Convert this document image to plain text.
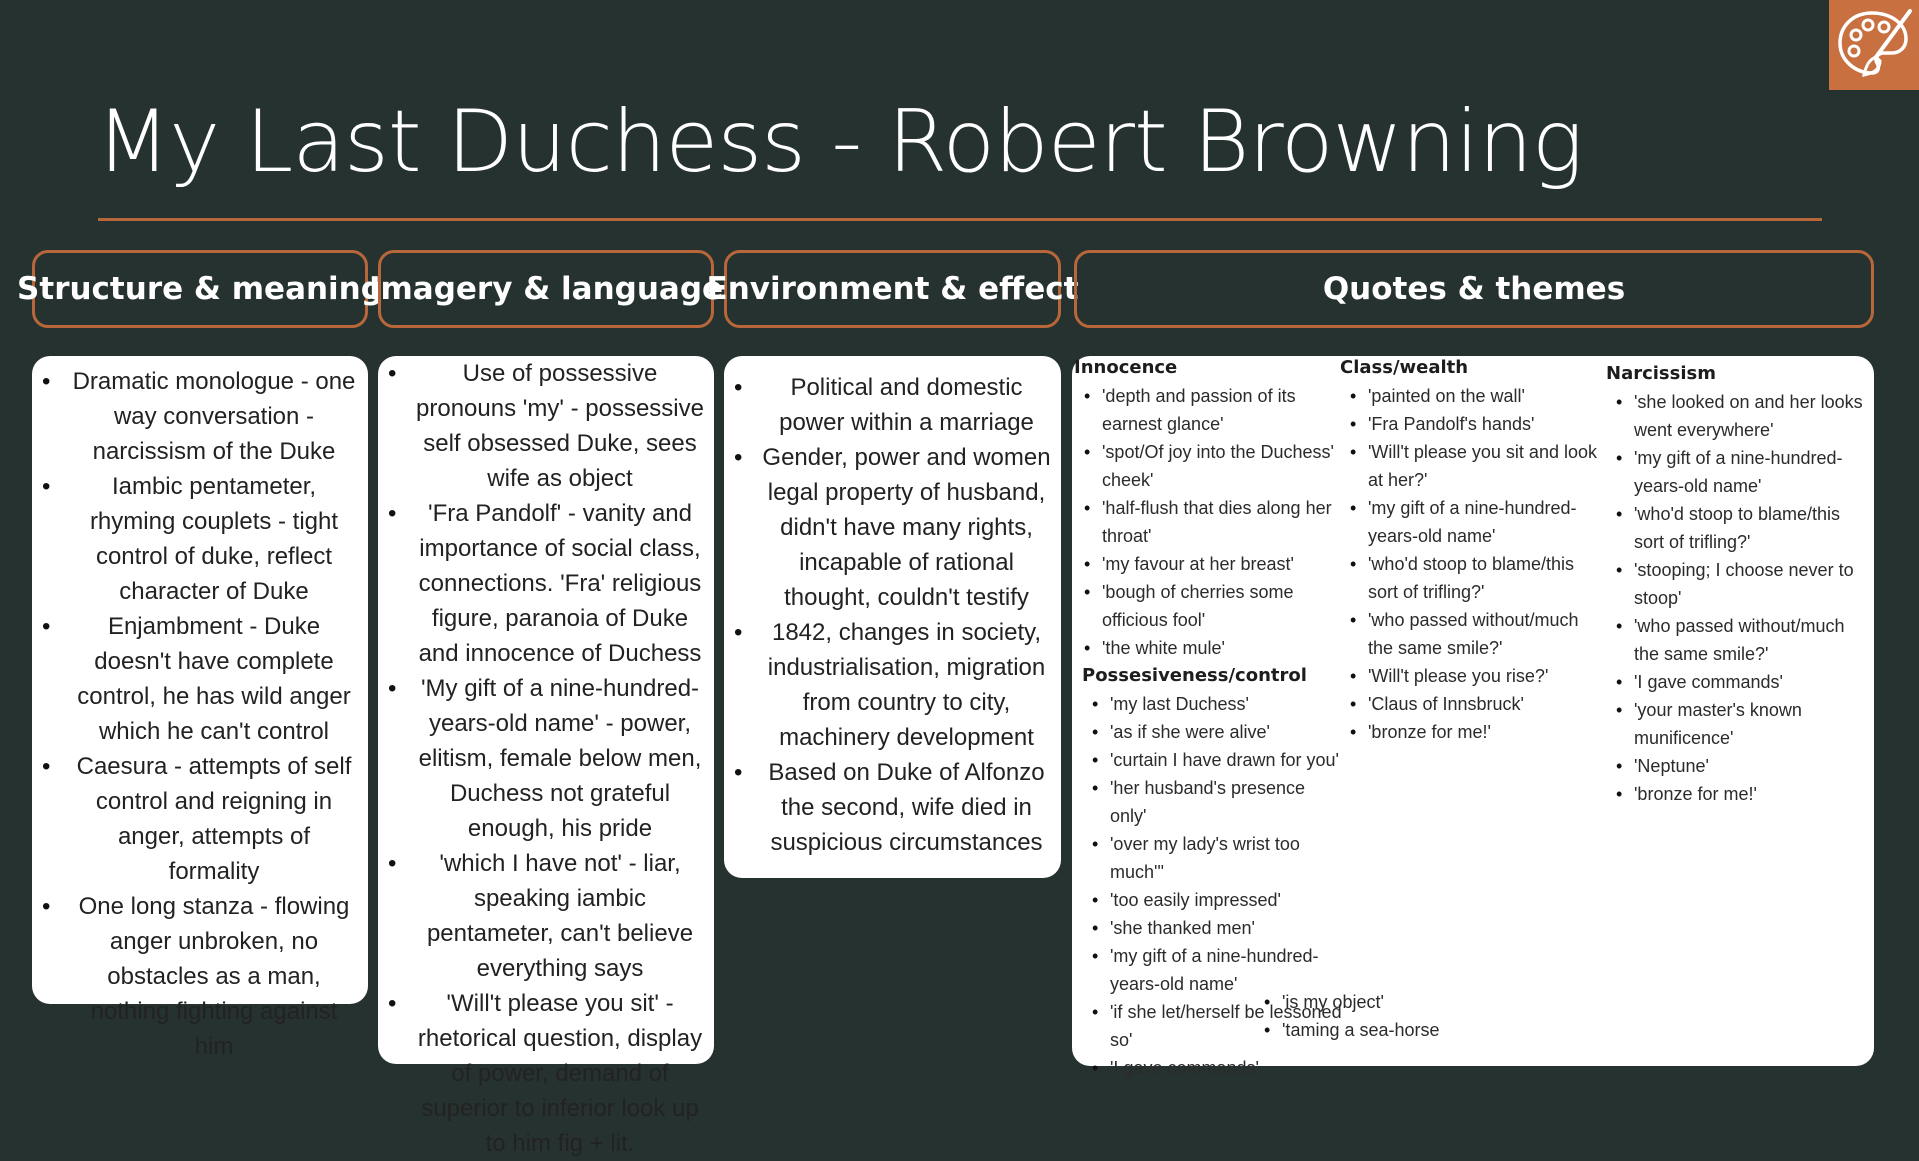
My Last Duchess - Robert Browning
Structure & meaning
Imagery & language
Environment & effect	Quotes & themes
• Dramatic monologue - one way conversation - narcissism of the Duke
• Iambic pentameter, rhyming couplets - tight control of duke, reflect character of Duke
• Enjambment - Duke doesn't have complete control, he has wild anger which he can't control
• Caesura - attempts of self control and reigning in anger, attempts of formality
• One long stanza - flowing anger unbroken, no obstacles as a man, nothing fighting against him
• Use of possessive pronouns 'my' - possessive self obsessed Duke, sees wife as object
• 'Fra Pandolf' - vanity and importance of social class, connections. 'Fra' religious figure, paranoia of Duke and innocence of Duchess
• 'My gift of a nine-hundred-years-old name' - power, elitism, female below men, Duchess not grateful enough, his pride
• 'which I have not' - liar, speaking iambic pentameter, can't believe everything says
• 'Will't please you sit' - rhetorical question, display of power, demand of superior to inferior look up to him fig + lit.
• Political and domestic power within a marriage
• Gender, power and women legal property of husband, didn't have many rights, incapable of rational thought, couldn't testify
• 1842, changes in society, industrialisation, migration from country to city, machinery development
• Based on Duke of Alfonzo the second, wife died in suspicious circumstances

Innocence

• 'depth and passion of its earnest glance'
• 'spot/Of joy into the Duchess' cheek'
• 'half-flush that dies along her throat'
• 'my favour at her breast'
• 'bough of cherries some officious fool'
• 'the white mule'

Possesiveness/control

• 'my last Duchess'
• 'as if she were alive'
• 'curtain I have drawn for you'
• 'her husband's presence only'
• 'over my lady's wrist too much'"
• 'too easily impressed'
• 'she thanked men'
• 'my gift of a nine-hundred-years-old name'
• 'if she let/herself be lessoned so'
• 'I gave commands'
• 'is my object'
• 'taming a sea-horse

Class/wealth

• 'painted on the wall'
• 'Fra Pandolf's hands'
• 'Will't please you sit and look at her?'
• 'my gift of a nine-hundred-years-old name'
• 'who'd stoop to blame/this sort of trifling?'
• 'who passed without/much the same smile?'
• 'Will't please you rise?'
• 'Claus of Innsbruck'
• 'bronze for me!'

Narcissism

• 'she looked on and her looks went everywhere'
• 'my gift of a nine-hundred-years-old name'
• 'who'd stoop to blame/this sort of trifling?'
• 'stooping; I choose never to stoop'
• 'who passed without/much the same smile?'
• 'I gave commands'
• 'your master's known munificence'
• 'Neptune'
• 'bronze for me!'
